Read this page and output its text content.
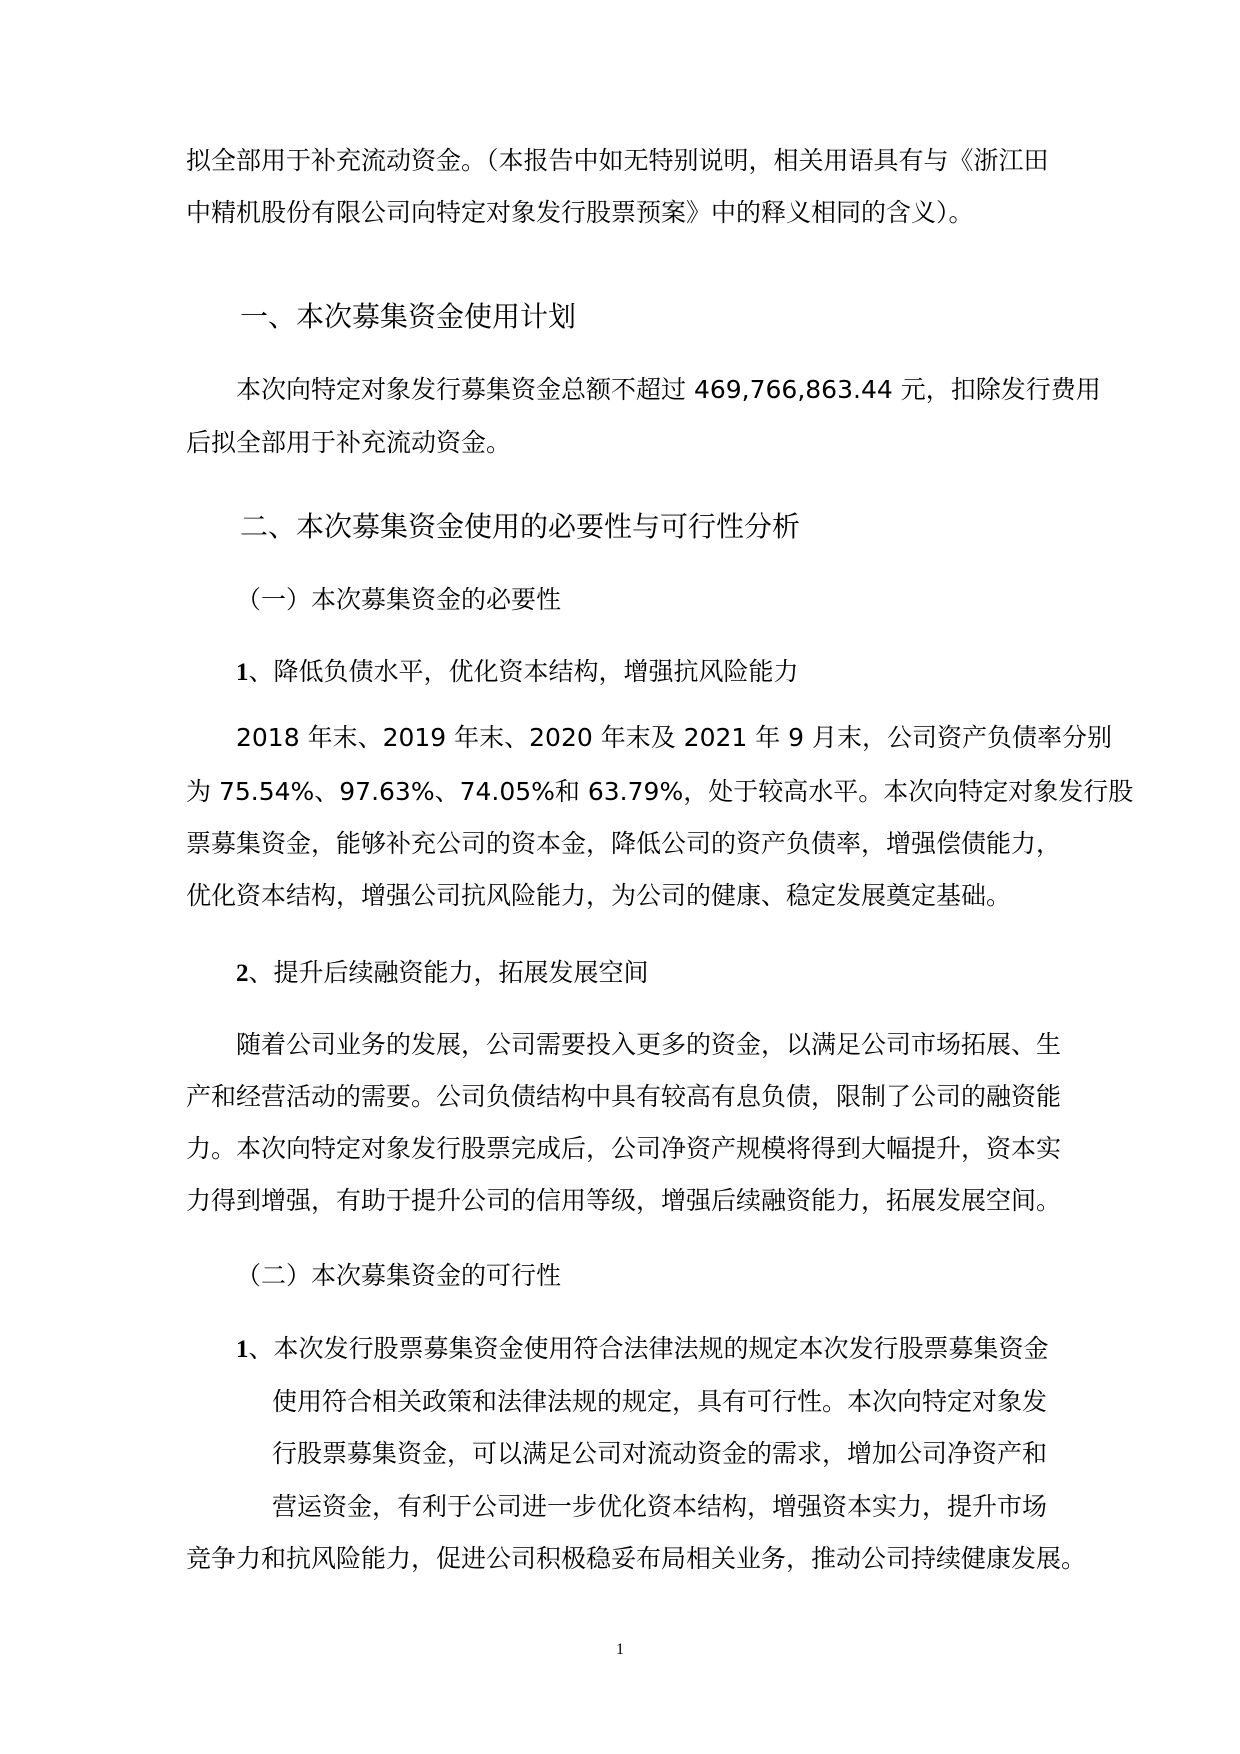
拟全部用于补充流动资金。（本报告中如无特别说明，相关用语具有与《浙江田
中精机股份有限公司向特定对象发行股票预案》中的释义相同的含义）。
一、本次募集资金使用计划
本次向特定对象发行募集资金总额不超过 469,766,863.44 元，扣除发行费用
后拟全部用于补充流动资金。
二、本次募集资金使用的必要性与可行性分析
（一）本次募集资金的必要性
1、降低负债水平，优化资本结构，增强抗风险能力
2018 年末、2019 年末、2020 年末及 2021 年 9 月末，公司资产负债率分别
为 75.54%、97.63%、74.05%和 63.79%，处于较高水平。本次向特定对象发行股
票募集资金，能够补充公司的资本金，降低公司的资产负债率，增强偿债能力，
优化资本结构，增强公司抗风险能力，为公司的健康、稳定发展奠定基础。
2、提升后续融资能力，拓展发展空间
随着公司业务的发展，公司需要投入更多的资金，以满足公司市场拓展、生
产和经营活动的需要。公司负债结构中具有较高有息负债，限制了公司的融资能
力。本次向特定对象发行股票完成后，公司净资产规模将得到大幅提升，资本实
力得到增强，有助于提升公司的信用等级，增强后续融资能力，拓展发展空间。
（二）本次募集资金的可行性
1、本次发行股票募集资金使用符合法律法规的规定本次发行股票募集资金
使用符合相关政策和法律法规的规定，具有可行性。本次向特定对象发
行股票募集资金，可以满足公司对流动资金的需求，增加公司净资产和
营运资金，有利于公司进一步优化资本结构，增强资本实力，提升市场
竞争力和抗风险能力，促进公司积极稳妥布局相关业务，推动公司持续健康发展。
1
